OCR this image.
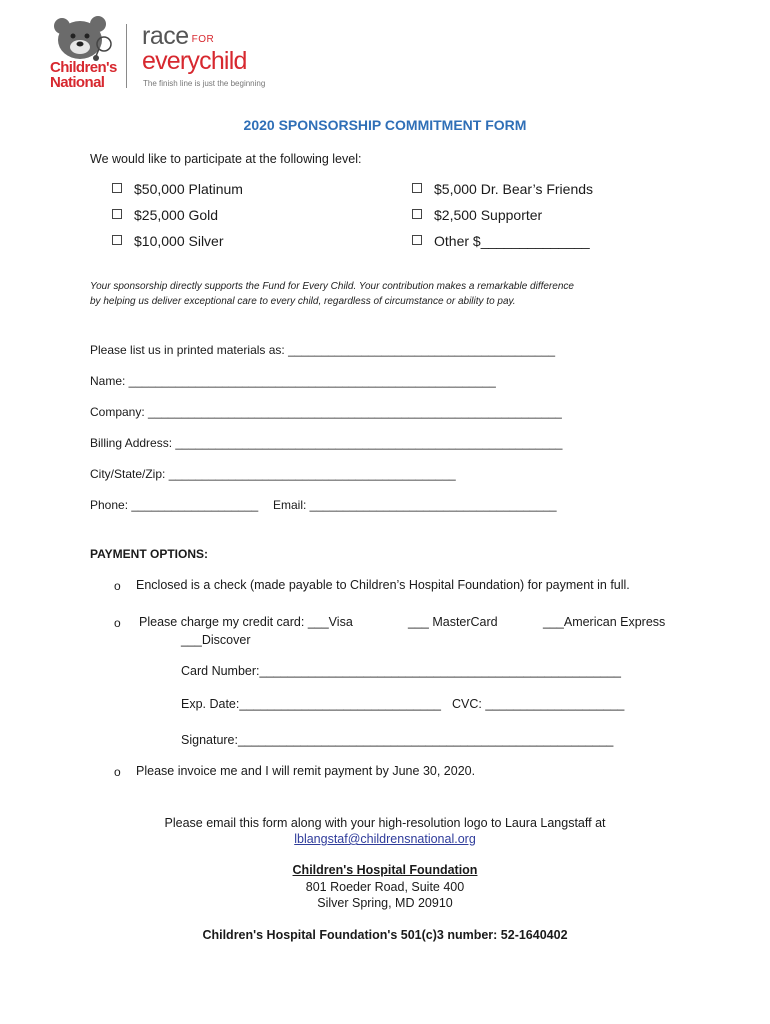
Children's
National
race $^{FOR}$
everychild
The finish line is just the beginning
2020 SPONSORSHIP COMMITMENT FORM
We would like to participate at the following level:
$50,000 Platinum
$25,000 Gold
$10,000 Silver
$5,000 Dr. Bear’s Friends
$2,500 Supporter
Other $______________
Your sponsorship directly supports the Fund for Every Child. Your contribution makes a remarkable difference
by helping us deliver exceptional care to every child, regardless of circumstance or ability to pay.
Please list us in printed materials as: ________________________________________
Name: _______________________________________________________
Company: ______________________________________________________________
Billing Address: __________________________________________________________
City/State/Zip: ___________________________________________
Phone: ___________________ Email: _____________________________________
PAYMENT OPTIONS:
o Enclosed is a check (made payable to Children’s Hospital Foundation) for payment in full.
o Please charge my credit card: ___Visa	___ MasterCard	___American Express
___Discover
Card Number:____________________________________________________
Exp. Date:_____________________________ CVC: ____________________
Signature:______________________________________________________
o Please invoice me and I will remit payment by June 30, 2020.
Please email this form along with your high-resolution logo to Laura Langstaff at
lblangstaf@childrensnational.org
Children's Hospital Foundation
801 Roeder Road, Suite 400
Silver Spring, MD 20910
Children's Hospital Foundation's 501(c)3 number: 52-1640402
